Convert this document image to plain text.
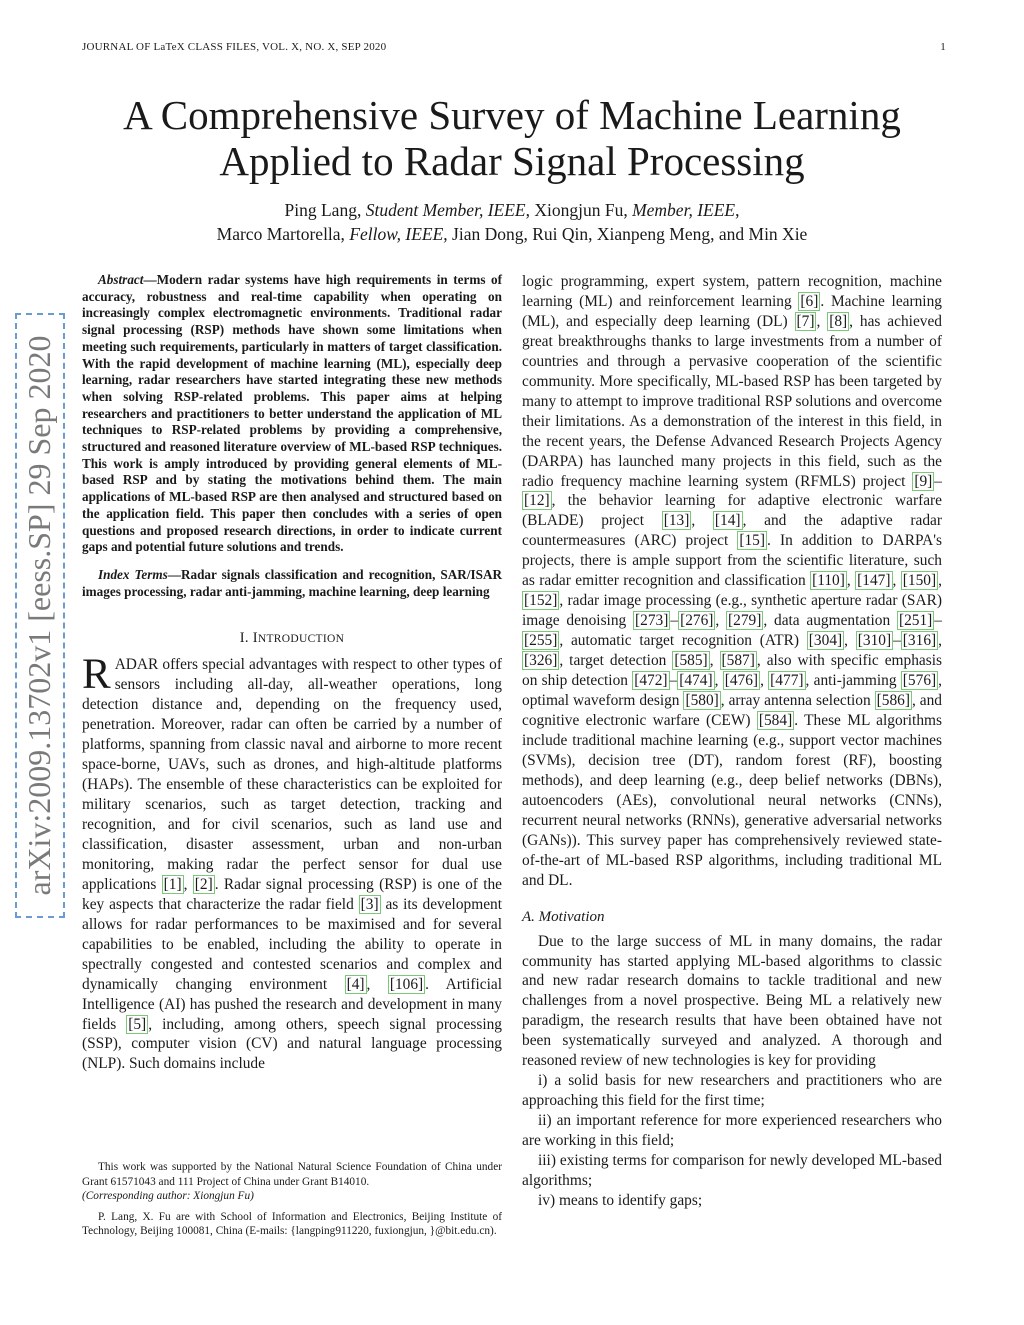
JOURNAL OF LaTeX CLASS FILES, VOL. X, NO. X, SEP 2020	1
A Comprehensive Survey of Machine Learning Applied to Radar Signal Processing
Ping Lang, Student Member, IEEE, Xiongjun Fu, Member, IEEE,
Marco Martorella, Fellow, IEEE, Jian Dong, Rui Qin, Xianpeng Meng, and Min Xie
arXiv:2009.13702v1 [eess.SP] 29 Sep 2020

Abstract—Modern radar systems have high requirements in terms of accuracy, robustness and real-time capability when operating on increasingly complex electromagnetic environments. Traditional radar signal processing (RSP) methods have shown some limitations when meeting such requirements, particularly in matters of target classification. With the rapid development of machine learning (ML), especially deep learning, radar researchers have started integrating these new methods when solving RSP-related problems. This paper aims at helping researchers and practitioners to better understand the application of ML techniques to RSP-related problems by providing a comprehensive, structured and reasoned literature overview of ML-based RSP techniques. This work is amply introduced by providing general elements of ML-based RSP and by stating the motivations behind them. The main applications of ML-based RSP are then analysed and structured based on the application field. This paper then concludes with a series of open questions and proposed research directions, in order to indicate current gaps and potential future solutions and trends.

Index Terms—Radar signals classification and recognition, SAR/ISAR images processing, radar anti-jamming, machine learning, deep learning

I. INTRODUCTION

RADAR offers special advantages with respect to other types of sensors including all-day, all-weather operations, long detection distance and, depending on the frequency used, penetration. Moreover, radar can often be carried by a number of platforms, spanning from classic naval and airborne to more recent space-borne, UAVs, such as drones, and high-altitude platforms (HAPs). The ensemble of these characteristics can be exploited for military scenarios, such as target detection, tracking and recognition, and for civil scenarios, such as land use and classification, disaster assessment, urban and non-urban monitoring, making radar the perfect sensor for dual use applications [1] , [2] . Radar signal processing (RSP) is one of the key aspects that characterize the radar field [3] as its development allows for radar performances to be maximised and for several capabilities to be enabled, including the ability to operate in spectrally congested and contested scenarios and complex and dynamically changing environment [4] , [106] . Artificial Intelligence (AI) has pushed the research and development in many fields [5] , including, among others, speech signal processing (SSP), computer vision (CV) and natural language processing (NLP). Such domains include

This work was supported by the National Natural Science Foundation of China under Grant 61571043 and 111 Project of China under Grant B14010.

(Corresponding author: Xiongjun Fu)

P. Lang, X. Fu are with School of Information and Electronics, Beijing Institute of Technology, Beijing 100081, China (E-mails: {langping911220, fuxiongjun, }@bit.edu.cn).

logic programming, expert system, pattern recognition, machine learning (ML) and reinforcement learning [6] . Machine learning (ML), and especially deep learning (DL) [7] , [8] , has achieved great breakthroughs thanks to large investments from a number of countries and through a pervasive cooperation of the scientific community. More specifically, ML-based RSP has been targeted by many to attempt to improve traditional RSP solutions and overcome their limitations. As a demonstration of the interest in this field, in the recent years, the Defense Advanced Research Projects Agency (DARPA) has launched many projects in this field, such as the radio frequency machine learning system (RFMLS) project [9] –[12] , the behavior learning for adaptive electronic warfare (BLADE) project [13] , [14] , and the adaptive radar countermeasures (ARC) project [15] . In addition to DARPA's projects, there is ample support from the scientific literature, such as radar emitter recognition and classification [110] , [147] , [150] , [152] , radar image processing (e.g., synthetic aperture radar (SAR) image denoising [273] – [276] , [279] , data augmentation [251] –[255] , automatic target recognition (ATR) [304] , [310] – [316] , [326] , target detection [585] , [587] , also with specific emphasis on ship detection [472] – [474] , [476] , [477] , anti-jamming [576] , optimal waveform design [580] , array antenna selection [586] , and cognitive electronic warfare (CEW) [584] . These ML algorithms include traditional machine learning (e.g., support vector machines (SVMs), decision tree (DT), random forest (RF), boosting methods), and deep learning (e.g., deep belief networks (DBNs), autoencoders (AEs), convolutional neural networks (CNNs), recurrent neural networks (RNNs), generative adversarial networks (GANs)). This survey paper has comprehensively reviewed state-of-the-art of ML-based RSP algorithms, including traditional ML and DL.

A. Motivation

Due to the large success of ML in many domains, the radar community has started applying ML-based algorithms to classic and new radar research domains to tackle traditional and new challenges from a novel prospective. Being ML a relatively new paradigm, the research results that have been obtained have not been systematically surveyed and analyzed. A thorough and reasoned review of new technologies is key for providing

i) a solid basis for new researchers and practitioners who are approaching this field for the first time;

ii) an important reference for more experienced researchers who are working in this field;

iii) existing terms for comparison for newly developed ML-based algorithms;

iv) means to identify gaps;
